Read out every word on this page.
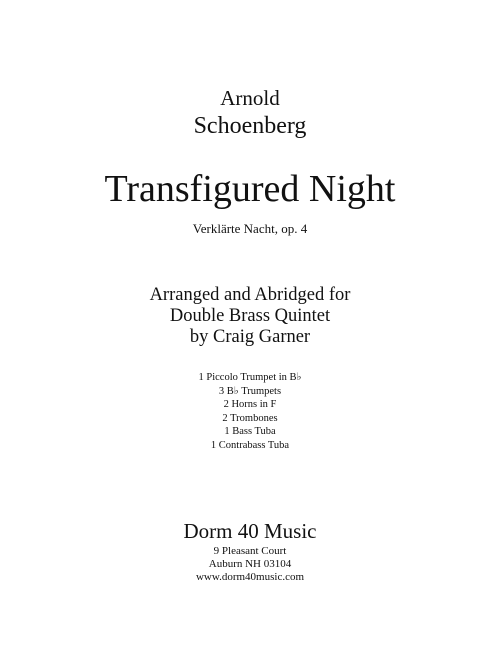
Arnold
Schoenberg
Transfigured Night
Verklärte Nacht, op. 4
Arranged and Abridged for
Double Brass Quintet
by Craig Garner
1 Piccolo Trumpet in B♭
3 B♭ Trumpets
2 Horns in F
2 Trombones
1 Bass Tuba
1 Contrabass Tuba
Dorm 40 Music
9 Pleasant Court
Auburn NH 03104
www.dorm40music.com
